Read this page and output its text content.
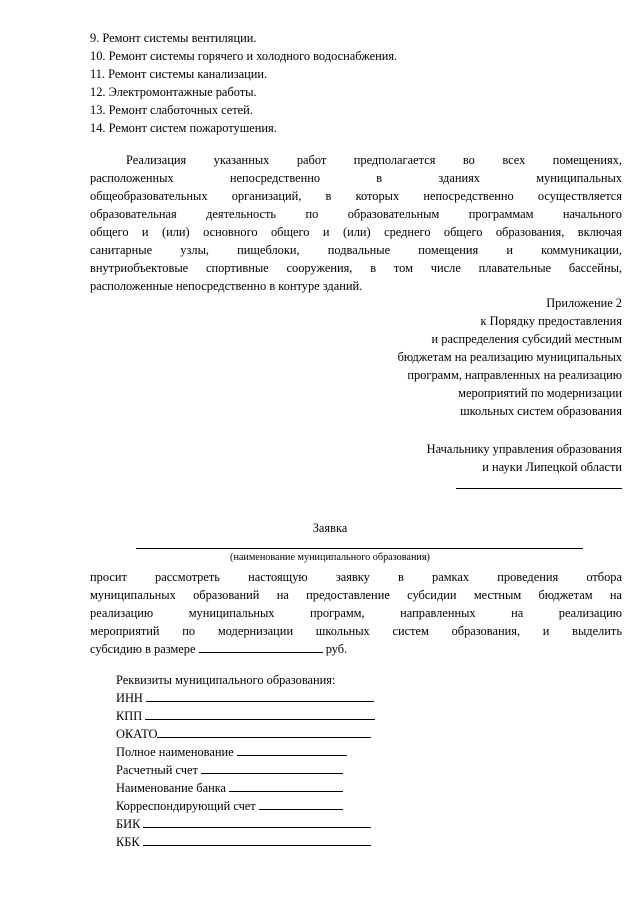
9. Ремонт системы вентиляции.
10. Ремонт системы горячего и холодного водоснабжения.
11. Ремонт системы канализации.
12. Электромонтажные работы.
13. Ремонт слаботочных сетей.
14. Ремонт систем пожаротушения.
Реализация указанных работ предполагается во всех помещениях,
расположенных непосредственно в зданиях муниципальных
общеобразовательных организаций, в которых непосредственно осуществляется
образовательная деятельность по образовательным программам начального
общего и (или) основного общего и (или) среднего общего образования, включая
санитарные узлы, пищеблоки, подвальные помещения и коммуникации,
внутриобъектовые спортивные сооружения, в том числе плавательные бассейны,
расположенные непосредственно в контуре зданий.
Приложение 2
к Порядку предоставления
и распределения субсидий местным
бюджетам на реализацию муниципальных
программ, направленных на реализацию
мероприятий по модернизации
школьных систем образования
Начальнику управления образования
и науки Липецкой области
Заявка
(наименование муниципального образования)
просит рассмотреть настоящую заявку в рамках проведения отбора
муниципальных образований на предоставление субсидии местным бюджетам на
реализацию муниципальных программ, направленных на реализацию
мероприятий по модернизации школьных систем образования, и выделить
субсидию в размере	руб.
Реквизиты муниципального образования:
ИНН
КПП
ОКАТО
Полное наименование
Расчетный счет
Наименование банка
Корреспондирующий счет
БИК
КБК
